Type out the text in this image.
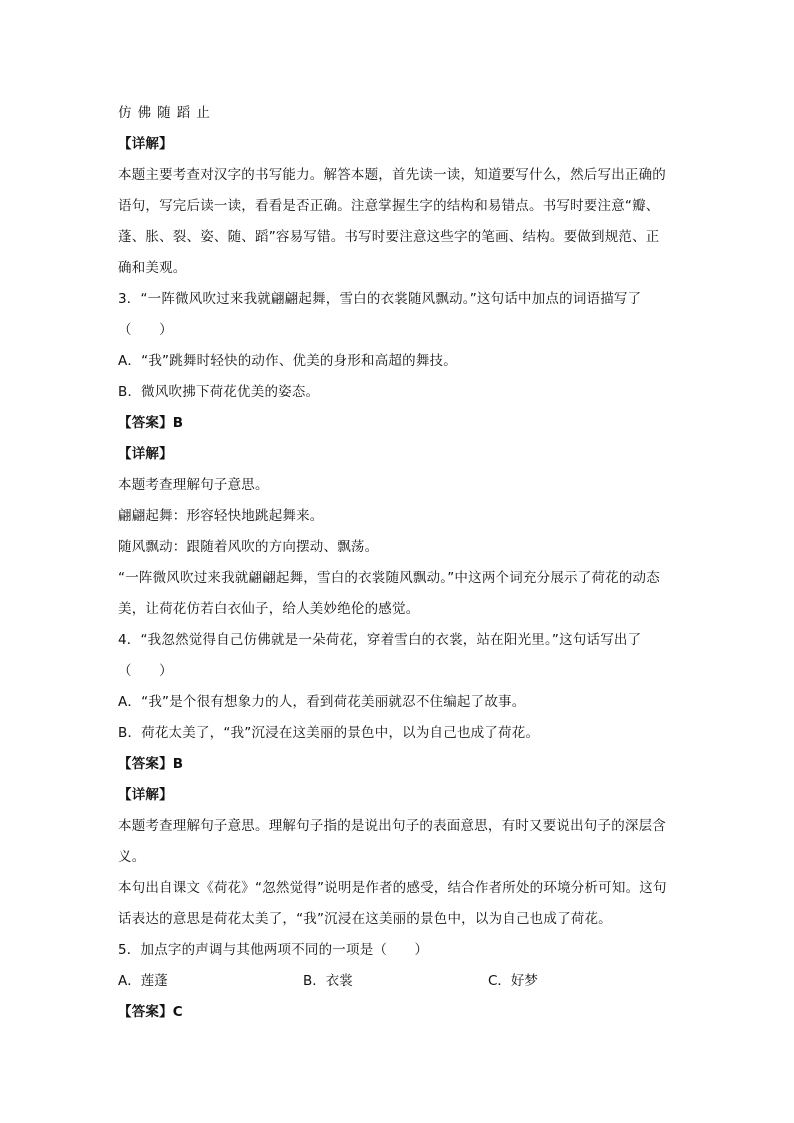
仿 佛 随 蹈 止
【详解】
本题主要考查对汉字的书写能力。解答本题，首先读一读，知道要写什么，然后写出正确的
语句，写完后读一读，看看是否正确。注意掌握生字的结构和易错点。书写时要注意“瓣、
蓬、胀、裂、姿、随、蹈”容易写错。书写时要注意这些字的笔画、结构。要做到规范、正
确和美观。
3．“一阵微风吹过来我就翩翩起舞，雪白的衣裳随风飘动。”这句话中加点的词语描写了
（　　）
A．“我”跳舞时轻快的动作、优美的身形和高超的舞技。
B．微风吹拂下荷花优美的姿态。
【答案】B
【详解】
本题考查理解句子意思。
翩翩起舞：形容轻快地跳起舞来。
随风飘动：跟随着风吹的方向摆动、飘荡。
“一阵微风吹过来我就翩翩起舞，雪白的衣裳随风飘动。”中这两个词充分展示了荷花的动态
美，让荷花仿若白衣仙子，给人美妙绝伦的感觉。
4．“我忽然觉得自己仿佛就是一朵荷花，穿着雪白的衣裳，站在阳光里。”这句话写出了
（　　）
A．“我”是个很有想象力的人，看到荷花美丽就忍不住编起了故事。
B．荷花太美了，“我”沉浸在这美丽的景色中，以为自己也成了荷花。
【答案】B
【详解】
本题考查理解句子意思。理解句子指的是说出句子的表面意思，有时又要说出句子的深层含
义。
本句出自课文《荷花》“忽然觉得”说明是作者的感受，结合作者所处的环境分析可知。这句
话表达的意思是荷花太美了，“我”沉浸在这美丽的景色中，以为自己也成了荷花。
5．加点字的声调与其他两项不同的一项是（　　）
A．莲蓬	B．衣裳	C．好梦
【答案】C
